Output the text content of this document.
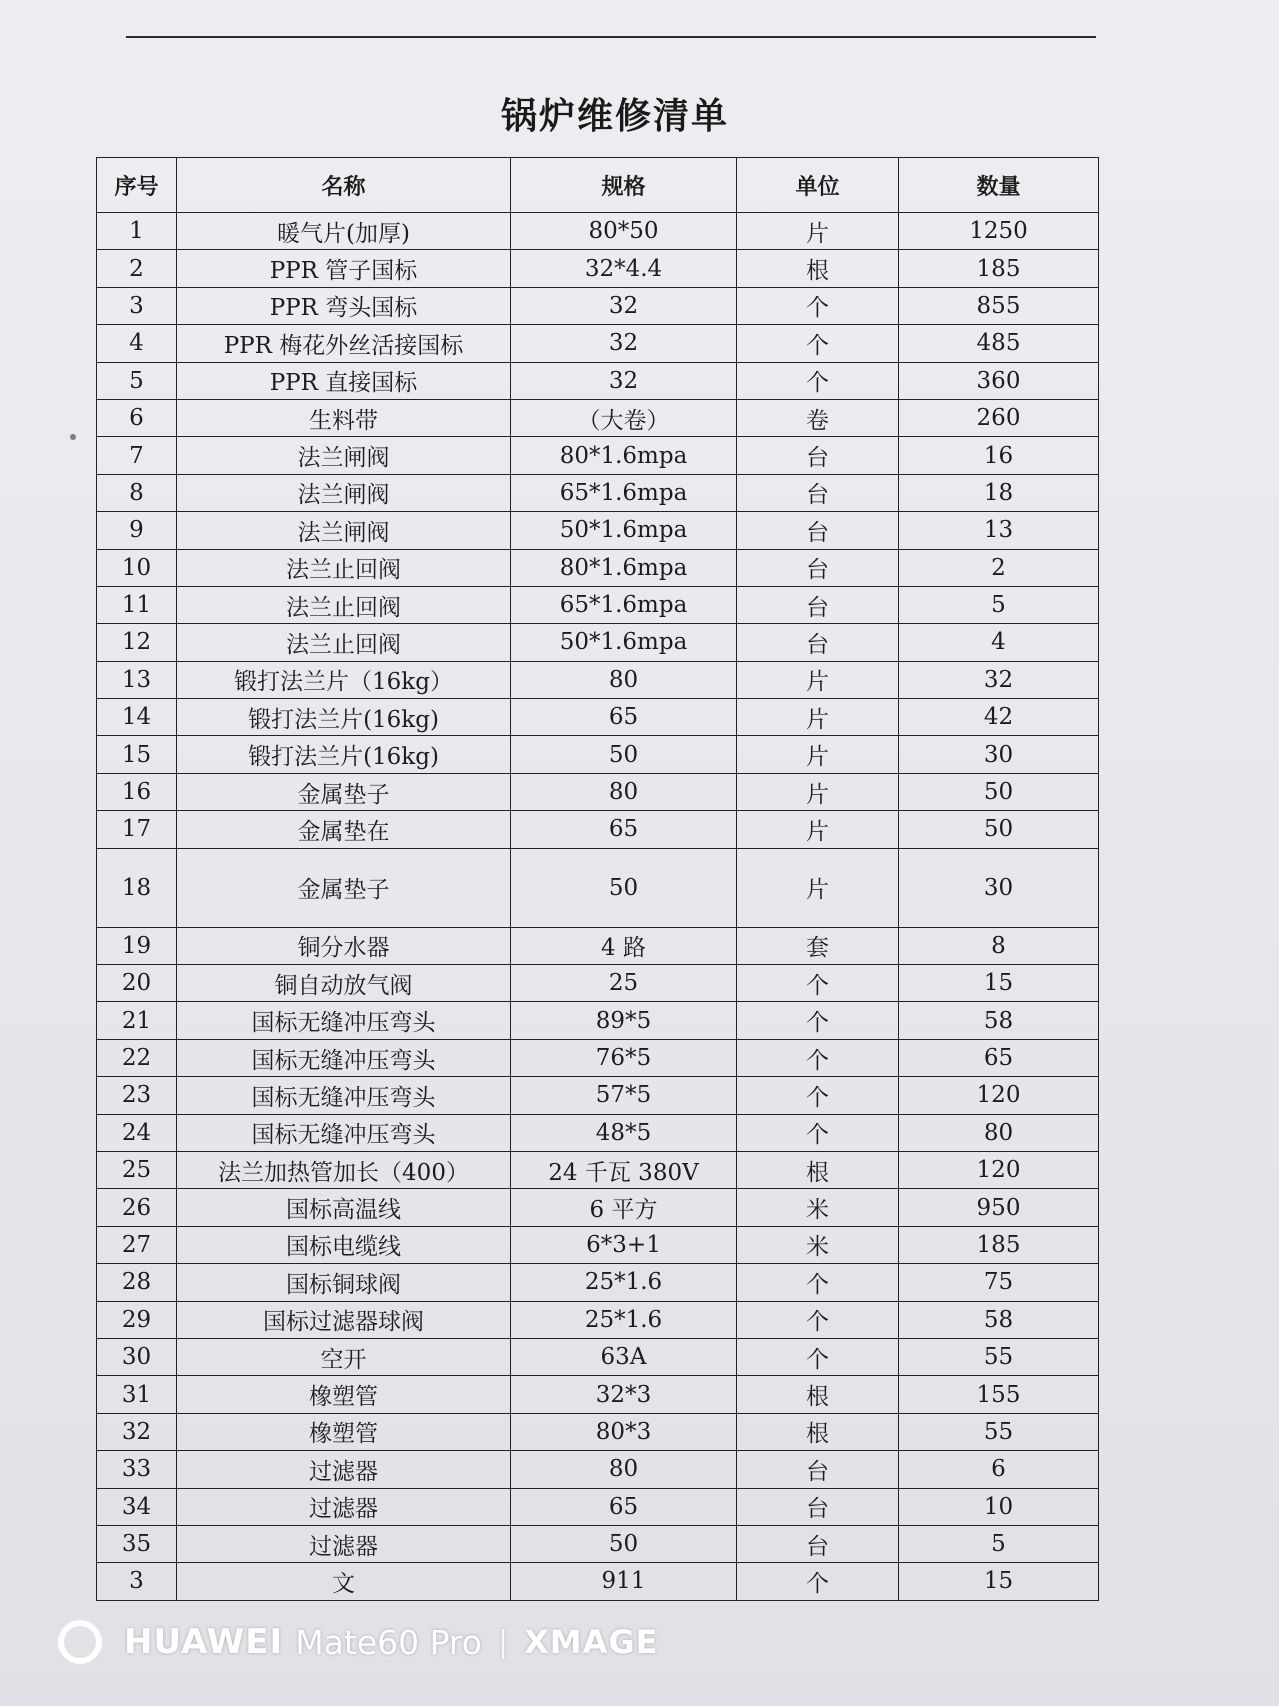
锅炉维修清单
序号	名称	规格	单位	数量
1	暖气片(加厚)	80*50	片	1250
2	PPR 管子国标	32*4.4	根	185
3	PPR 弯头国标	32	个	855
4	PPR 梅花外丝活接国标	32	个	485
5	PPR 直接国标	32	个	360
6	生料带	（大卷）	卷	260
7	法兰闸阀	80*1.6mpa	台	16
8	法兰闸阀	65*1.6mpa	台	18
9	法兰闸阀	50*1.6mpa	台	13
10	法兰止回阀	80*1.6mpa	台	2
11	法兰止回阀	65*1.6mpa	台	5
12	法兰止回阀	50*1.6mpa	台	4
13	锻打法兰片（16kg）	80	片	32
14	锻打法兰片(16kg)	65	片	42
15	锻打法兰片(16kg)	50	片	30
16	金属垫子	80	片	50
17	金属垫在	65	片	50
18	金属垫子	50	片	30
19	铜分水器	4 路	套	8
20	铜自动放气阀	25	个	15
21	国标无缝冲压弯头	89*5	个	58
22	国标无缝冲压弯头	76*5	个	65
23	国标无缝冲压弯头	57*5	个	120
24	国标无缝冲压弯头	48*5	个	80
25	法兰加热管加长（400）	24 千瓦 380V	根	120
26	国标高温线	6 平方	米	950
27	国标电缆线	6*3+1	米	185
28	国标铜球阀	25*1.6	个	75
29	国标过滤器球阀	25*1.6	个	58
30	空开	63A	个	55
31	橡塑管	32*3	根	155
32	橡塑管	80*3	根	55
33	过滤器	80	台	6
34	过滤器	65	台	10
35	过滤器	50	台	5
3	文	911	个	15
HUAWEI Mate60 Pro | XMAGE
